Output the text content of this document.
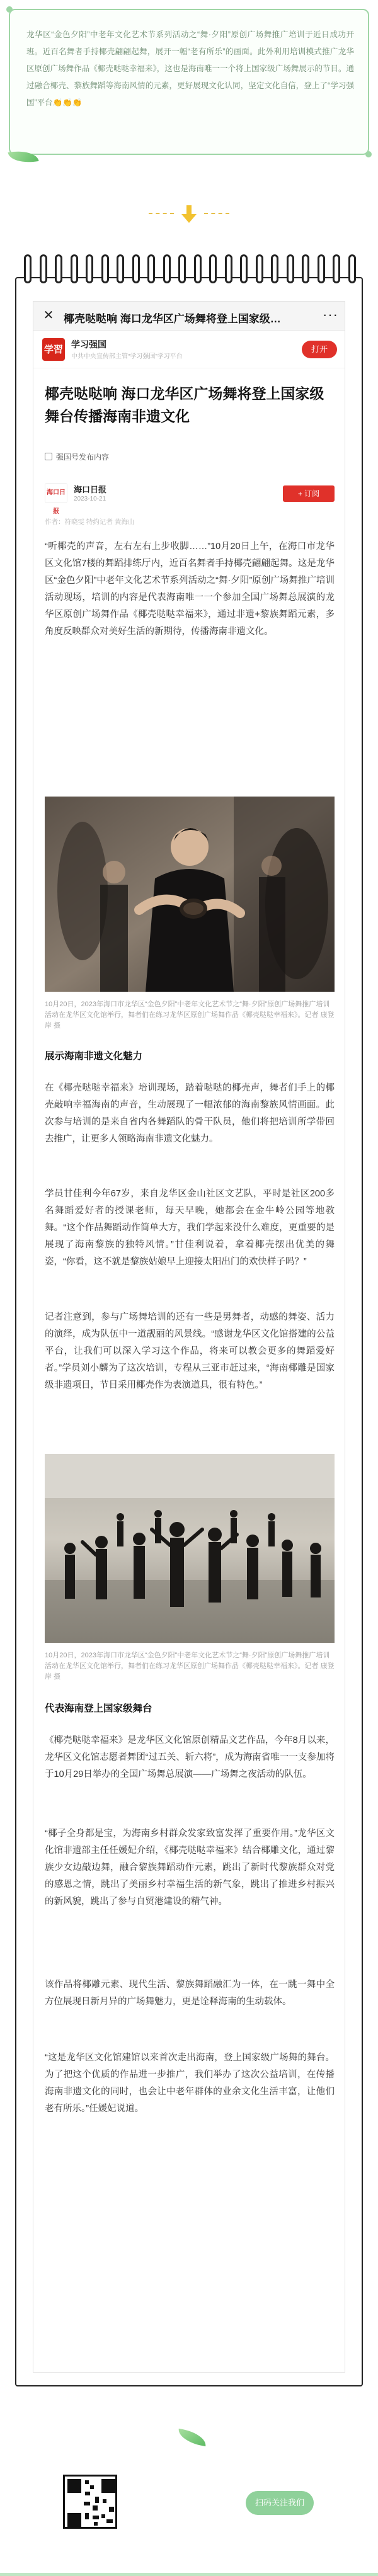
龙华区“金色夕阳”中老年文化艺术节系列活动之“舞·夕阳”原创广场舞推广培训于近日成功开班。近百名舞者手持椰壳翩翩起舞，展开一幅“老有所乐”的画面。此外利用培训模式推广龙华区原创广场舞作品《椰壳哒哒幸福来》，这也是海南唯一一个将上国家级广场舞展示的节目。通过融合椰壳、黎族舞蹈等海南风情的元素，更好展现文化认同，坚定文化自信，登上了“学习强国”平台👏👏👏

✕ 椰壳哒哒响 海口龙华区广场舞将登上国家级…	···
学習 学习强国
中共中央宣传部主管“学习强国”学习平台
打开
椰壳哒哒响 海口龙华区广场舞将登上国家级舞台传播海南非遗文化
强国号发布内容
海口日报
海口日报
2023-10-21
+ 订阅
作者：符晓雯 特约记者 黄海山

“听椰壳的声音，左右左右上步收脚……”10月20日上午，在海口市龙华区文化馆7楼的舞蹈排练厅内，近百名舞者手持椰壳翩翩起舞。这是龙华区“金色夕阳”中老年文化艺术节系列活动之“舞·夕阳”原创广场舞推广培训活动现场，培训的内容是代表海南唯一一个参加全国广场舞总展演的龙华区原创广场舞作品《椰壳哒哒幸福来》，通过非遗+黎族舞蹈元素，多角度反映群众对美好生活的新期待，传播海南非遗文化。

10月20日，2023年海口市龙华区“金色夕阳”中老年文化艺术节之“舞·夕阳”原创广场舞推广培训活动在龙华区文化馆举行，舞者们在练习龙华区原创广场舞作品《椰壳哒哒幸福来》。记者 康登岸 摄

展示海南非遗文化魅力

在《椰壳哒哒幸福来》培训现场，踏着哒哒的椰壳声，舞者们手上的椰壳敲响幸福海南的声音，生动展现了一幅浓郁的海南黎族风情画面。此次参与培训的是来自省内各舞蹈队的骨干队员，他们将把培训所学带回去推广，让更多人领略海南非遗文化魅力。

学员甘佳利今年67岁，来自龙华区金山社区文艺队，平时是社区200多名舞蹈爱好者的授课老师，每天早晚，她都会在金牛岭公园等地教舞。“这个作品舞蹈动作简单大方，我们学起来没什么难度，更重要的是展现了海南黎族的独特风情。”甘佳利说着，拿着椰壳摆出优美的舞姿，“你看，这不就是黎族姑娘早上迎接太阳出门的欢快样子吗？”

记者注意到，参与广场舞培训的还有一些是男舞者，动感的舞姿、活力的演绎，成为队伍中一道靓丽的风景线。“感谢龙华区文化馆搭建的公益平台，让我们可以深入学习这个作品，将来可以教会更多的舞蹈爱好者。”学员刘小麟为了这次培训，专程从三亚市赶过来，“海南椰雕是国家级非遗项目，节目采用椰壳作为表演道具，很有特色。”

10月20日，2023年海口市龙华区“金色夕阳”中老年文化艺术节之“舞·夕阳”原创广场舞推广培训活动在龙华区文化馆举行，舞者们在练习龙华区原创广场舞作品《椰壳哒哒幸福来》。记者 康登岸 摄

代表海南登上国家级舞台

《椰壳哒哒幸福来》是龙华区文化馆原创精品文艺作品，今年8月以来，龙华区文化馆志愿者舞团“过五关、斩六将”，成为海南省唯一一支参加将于10月29日举办的全国广场舞总展演——广场舞之夜活动的队伍。

“椰子全身都是宝，为海南乡村群众发家致富发挥了重要作用。”龙华区文化馆非遗部主任任媛妃介绍，《椰壳哒哒幸福来》结合椰雕文化，通过黎族少女边敲边舞，融合黎族舞蹈动作元素，跳出了新时代黎族群众对党的感恩之情，跳出了美丽乡村幸福生活的新气象，跳出了推进乡村振兴的新风貌，跳出了参与自贸港建设的精气神。

该作品将椰雕元素、现代生活、黎族舞蹈融汇为一体，在一跳一舞中全方位展现日新月异的广场舞魅力，更是诠释海南的生动载体。

“这是龙华区文化馆建馆以来首次走出海南，登上国家级广场舞的舞台。为了把这个优质的作品进一步推广，我们举办了这次公益培训，在传播海南非遗文化的同时，也会让中老年群体的业余文化生活丰富，让他们老有所乐。”任媛妃说道。

扫码关注我们
